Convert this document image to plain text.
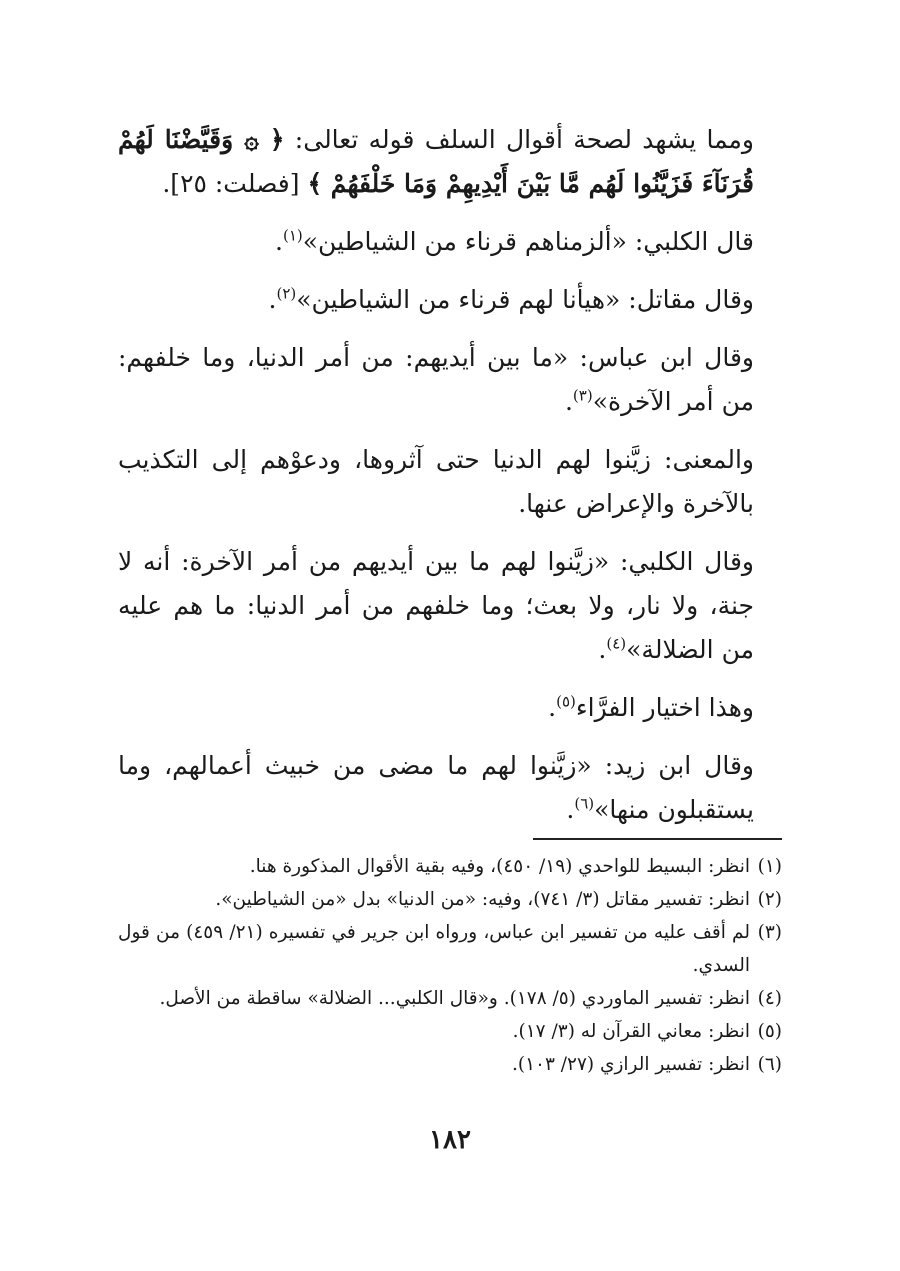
ومما يشهد لصحة أقوال السلف قوله تعالى: ﴿ ۞ وَقَيَّضْنَا لَهُمْ قُرَنَآءَ فَزَيَّنُوا لَهُم مَّا بَيْنَ أَيْدِيهِمْ وَمَا خَلْفَهُمْ ﴾ [فصلت: ٢٥].

قال الكلبي: «ألزمناهم قرناء من الشياطين»$^{(١)}$.

وقال مقاتل: «هيأنا لهم قرناء من الشياطين»$^{(٢)}$.

وقال ابن عباس: «ما بين أيديهم: من أمر الدنيا، وما خلفهم: من أمر الآخرة»$^{(٣)}$.

والمعنى: زيَّنوا لهم الدنيا حتى آثروها، ودعوْهم إلى التكذيب بالآخرة والإعراض عنها.

وقال الكلبي: «زيَّنوا لهم ما بين أيديهم من أمر الآخرة: أنه لا جنة، ولا نار، ولا بعث؛ وما خلفهم من أمر الدنيا: ما هم عليه من الضلالة»$^{(٤)}$.

وهذا اختيار الفرَّاء$^{(٥)}$.

وقال ابن زيد: «زيَّنوا لهم ما مضى من خبيث أعمالهم، وما يستقبلون منها»$^{(٦)}$.

(١)
انظر: البسيط للواحدي (١٩/ ٤٥٠)، وفيه بقية الأقوال المذكورة هنا.
(٢)
انظر: تفسير مقاتل (٣/ ٧٤١)، وفيه: «من الدنيا» بدل «من الشياطين».
(٣)
لم أقف عليه من تفسير ابن عباس، ورواه ابن جرير في تفسيره (٢١/ ٤٥٩) من قول السدي.
(٤)
انظر: تفسير الماوردي (٥/ ١٧٨). و«قال الكلبي... الضلالة» ساقطة من الأصل.
(٥)
انظر: معاني القرآن له (٣/ ١٧).
(٦)
انظر: تفسير الرازي (٢٧/ ١٠٣).
١٨٢
